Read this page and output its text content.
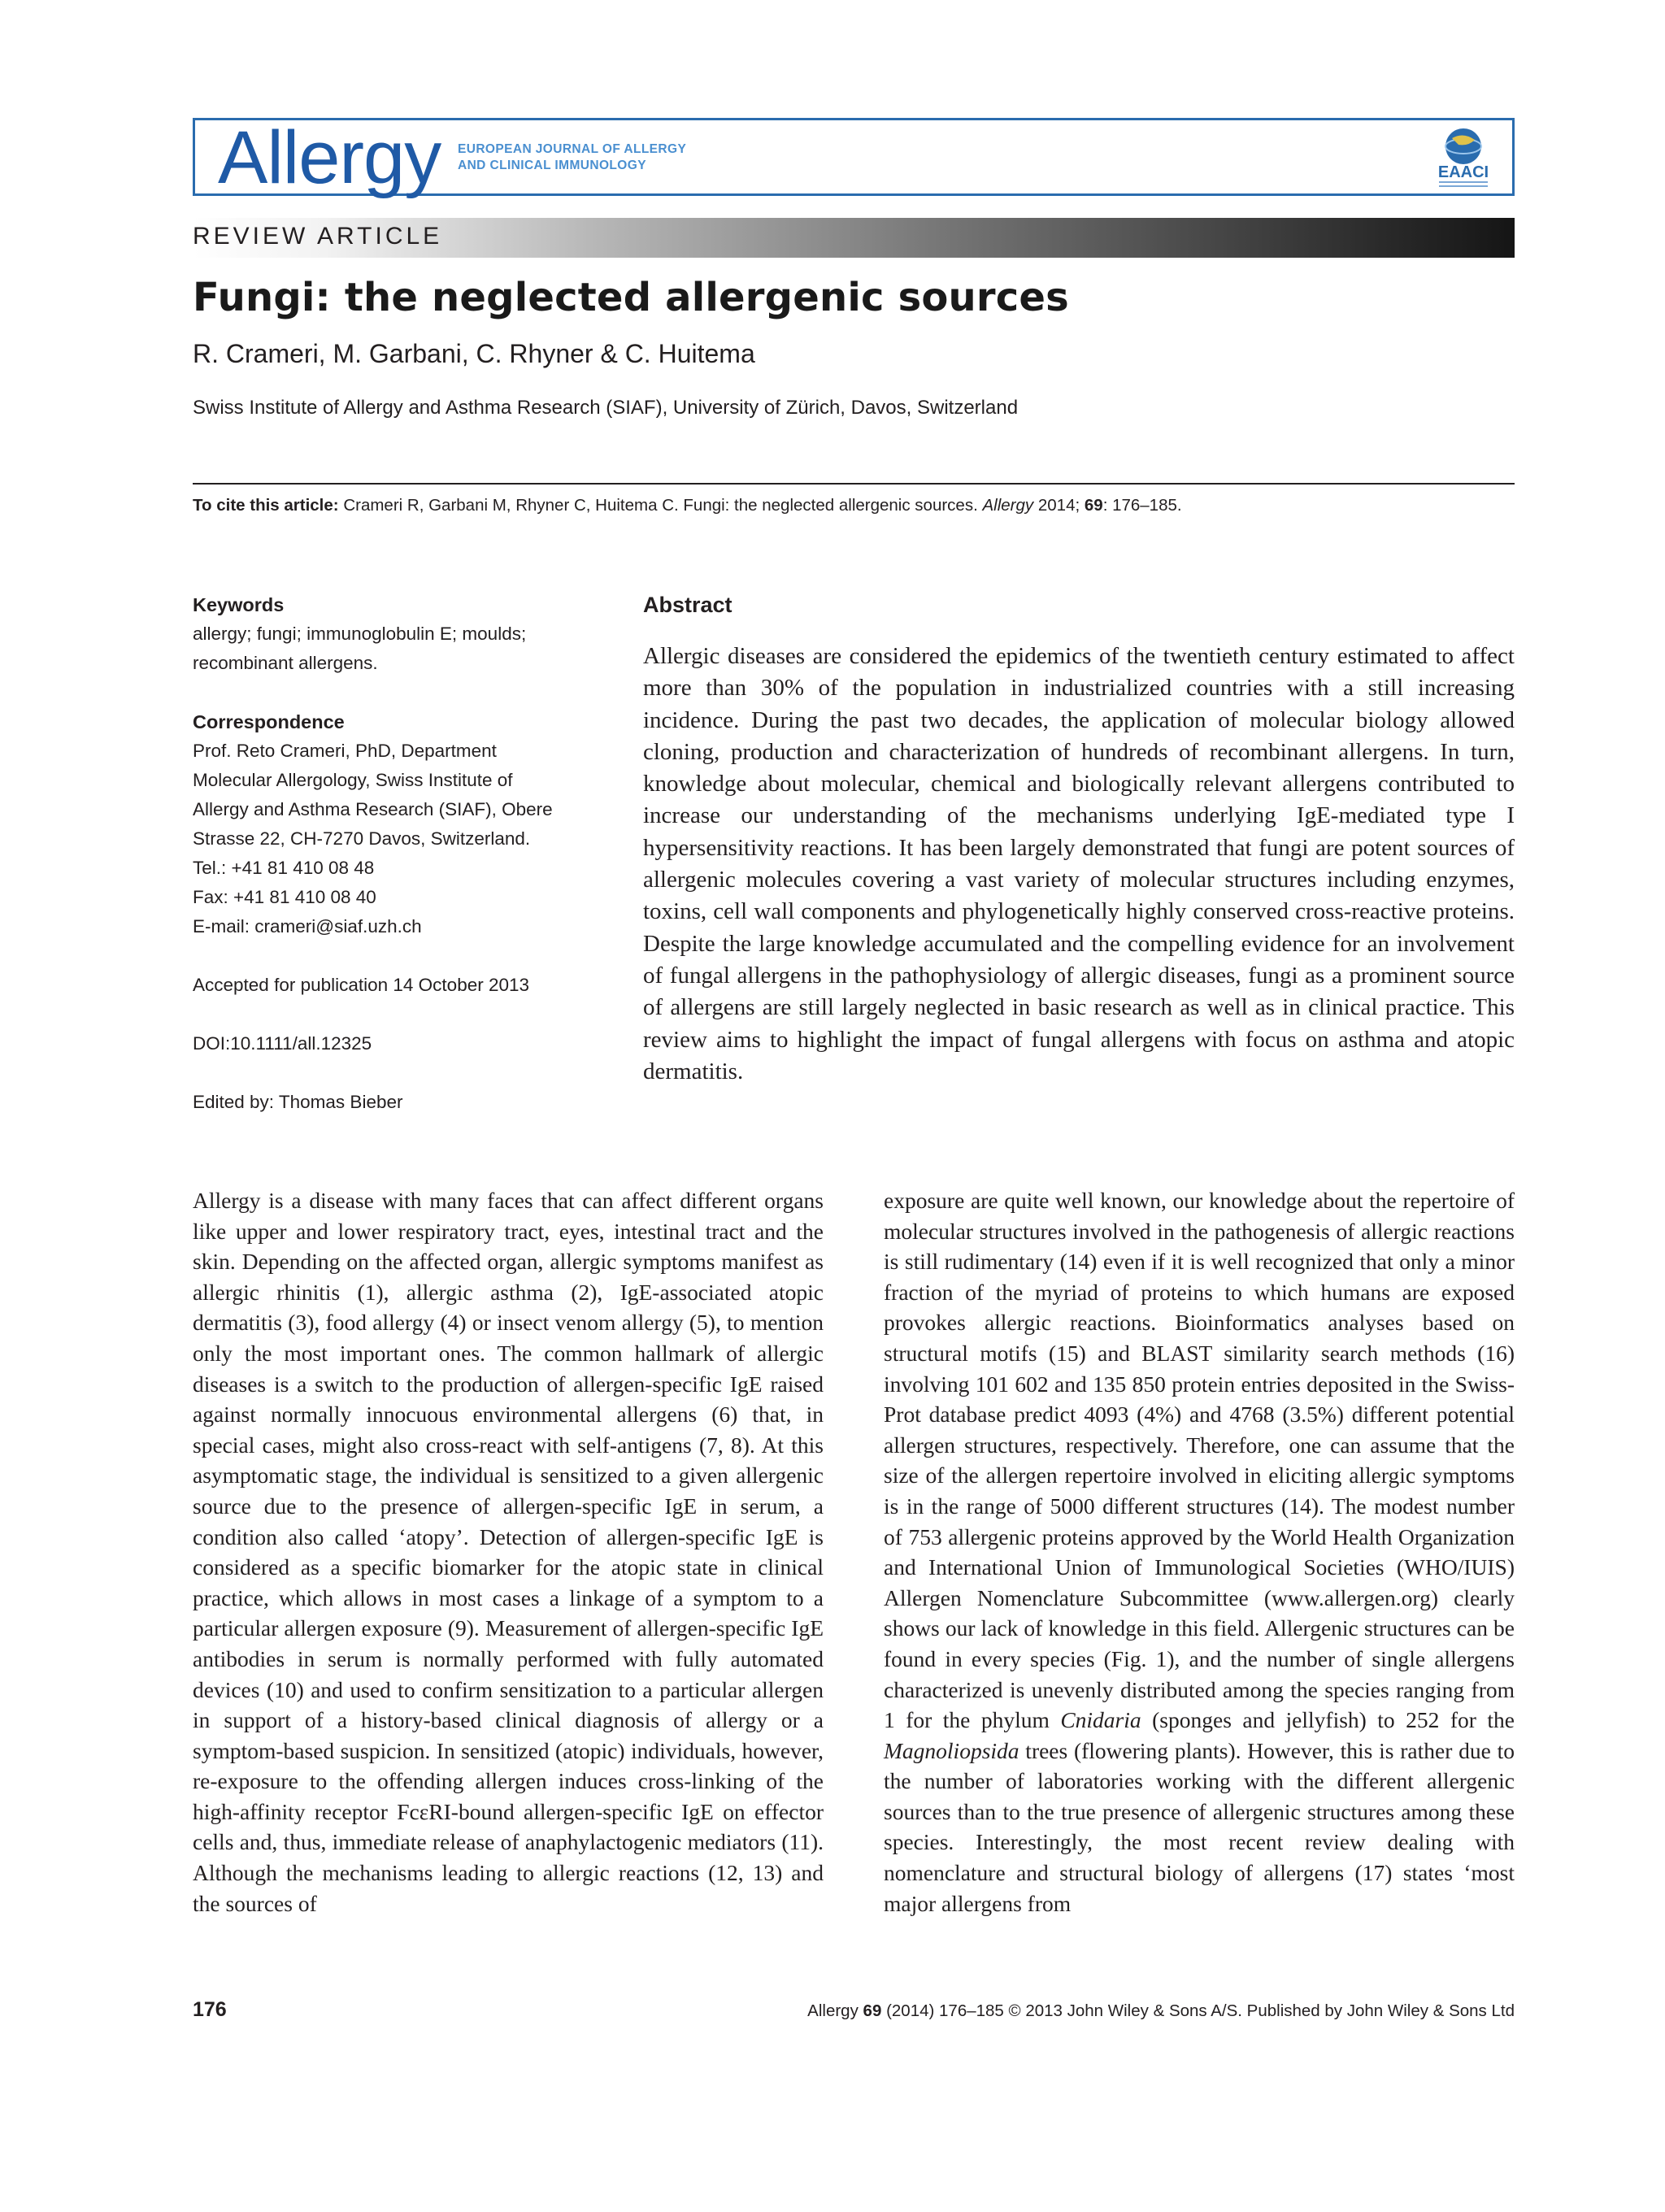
Allergy EUROPEAN JOURNAL OF ALLERGY
AND CLINICAL IMMUNOLOGY	EAACI
REVIEW ARTICLE
Fungi: the neglected allergenic sources
R. Crameri, M. Garbani, C. Rhyner & C. Huitema
Swiss Institute of Allergy and Asthma Research (SIAF), University of Zürich, Davos, Switzerland
To cite this article: Crameri R, Garbani M, Rhyner C, Huitema C. Fungi: the neglected allergenic sources. Allergy 2014; 69: 176–185.

Keywords

allergy; fungi; immunoglobulin E; moulds;

recombinant allergens.

Correspondence

Prof. Reto Crameri, PhD, Department

Molecular Allergology, Swiss Institute of

Allergy and Asthma Research (SIAF), Obere

Strasse 22, CH-7270 Davos, Switzerland.

Tel.: +41 81 410 08 48

Fax: +41 81 410 08 40

E-mail: crameri@siaf.uzh.ch

Accepted for publication 14 October 2013

DOI:10.1111/all.12325

Edited by: Thomas Bieber

Abstract

Allergic diseases are considered the epidemics of the twentieth century estimated to affect more than 30% of the population in industrialized countries with a still increasing incidence. During the past two decades, the application of molecular biology allowed cloning, production and characterization of hundreds of recombinant allergens. In turn, knowledge about molecular, chemical and biologically relevant allergens contributed to increase our understanding of the mechanisms underlying IgE-mediated type I hypersensitivity reactions. It has been largely demonstrated that fungi are potent sources of allergenic molecules covering a vast variety of molecular structures including enzymes, toxins, cell wall components and phylogenetically highly conserved cross-reactive proteins. Despite the large knowledge accumulated and the compelling evidence for an involvement of fungal allergens in the pathophysiology of allergic diseases, fungi as a prominent source of allergens are still largely neglected in basic research as well as in clinical practice. This review aims to highlight the impact of fungal allergens with focus on asthma and atopic dermatitis.

Allergy is a disease with many faces that can affect different organs like upper and lower respiratory tract, eyes, intestinal tract and the skin. Depending on the affected organ, allergic symptoms manifest as allergic rhinitis (1), allergic asthma (2), IgE-associated atopic dermatitis (3), food allergy (4) or insect venom allergy (5), to mention only the most important ones. The common hallmark of allergic diseases is a switch to the production of allergen-specific IgE raised against normally innocuous environmental allergens (6) that, in special cases, might also cross-react with self-antigens (7, 8). At this asymptomatic stage, the individual is sensitized to a given allergenic source due to the presence of allergen-specific IgE in serum, a condition also called ‘atopy’. Detection of allergen-specific IgE is considered as a specific biomarker for the atopic state in clinical practice, which allows in most cases a linkage of a symptom to a particular allergen exposure (9). Measurement of allergen-specific IgE antibodies in serum is normally performed with fully automated devices (10) and used to confirm sensitization to a particular allergen in support of a history-based clinical diagnosis of allergy or a symptom-based suspicion. In sensitized (atopic) individuals, however, re-exposure to the offending allergen induces cross-linking of the high-affinity receptor FcεRI-bound allergen-specific IgE on effector cells and, thus, immediate release of anaphylactogenic mediators (11). Although the mechanisms leading to allergic reactions (12, 13) and the sources of

exposure are quite well known, our knowledge about the repertoire of molecular structures involved in the pathogenesis of allergic reactions is still rudimentary (14) even if it is well recognized that only a minor fraction of the myriad of proteins to which humans are exposed provokes allergic reactions. Bioinformatics analyses based on structural motifs (15) and BLAST similarity search methods (16) involving 101 602 and 135 850 protein entries deposited in the Swiss-Prot database predict 4093 (4%) and 4768 (3.5%) different potential allergen structures, respectively. Therefore, one can assume that the size of the allergen repertoire involved in eliciting allergic symptoms is in the range of 5000 different structures (14). The modest number of 753 allergenic proteins approved by the World Health Organization and International Union of Immunological Societies (WHO/IUIS) Allergen Nomenclature Subcommittee (www.allergen.org) clearly shows our lack of knowledge in this field. Allergenic structures can be found in every species (Fig. 1), and the number of single allergens characterized is unevenly distributed among the species ranging from 1 for the phylum Cnidaria (sponges and jellyfish) to 252 for the Magnoliopsida trees (flowering plants). However, this is rather due to the number of laboratories working with the different allergenic sources than to the true presence of allergenic structures among these species. Interestingly, the most recent review dealing with nomenclature and structural biology of allergens (17) states ‘most major allergens from

176	Allergy 69 (2014) 176–185 © 2013 John Wiley & Sons A/S. Published by John Wiley & Sons Ltd
